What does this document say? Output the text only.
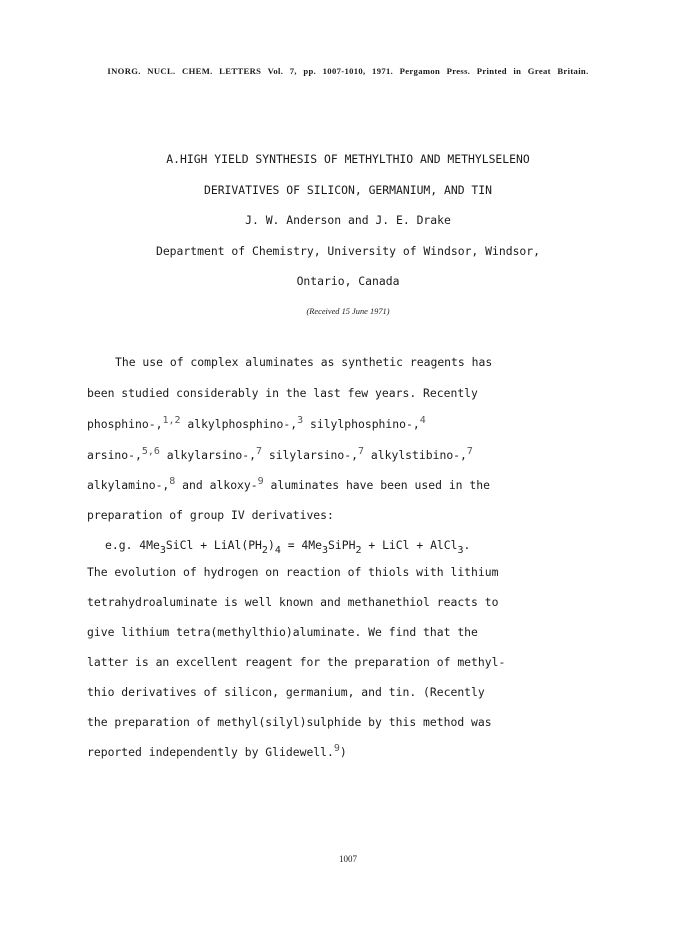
INORG. NUCL. CHEM. LETTERS Vol. 7, pp. 1007-1010, 1971. Pergamon Press. Printed in Great Britain.
A.HIGH YIELD SYNTHESIS OF METHYLTHIO AND METHYLSELENO
DERIVATIVES OF SILICON, GERMANIUM, AND TIN
J. W. Anderson and J. E. Drake
Department of Chemistry, University of Windsor, Windsor,
Ontario, Canada
(Received 15 June 1971)
The use of complex aluminates as synthetic reagents has
been studied considerably in the last few years. Recently
phosphino-,$^{1,2}$ alkylphosphino-,$^3$ silylphosphino-,$^4$
arsino-,$^{5,6}$ alkylarsino-,$^7$ silylarsino-,$^7$ alkylstibino-,$^7$
alkylamino-,$^8$ and alkoxy-$^9$ aluminates have been used in the
preparation of group IV derivatives:
e.g. $4Me_3SiCl$ + $LiAl(PH_2)_4$ = $4Me_3SiPH_2$ + LiCl + AlCl$_3$.
The evolution of hydrogen on reaction of thiols with lithium
tetrahydroaluminate is well known and methanethiol reacts to
give lithium tetra(methylthio)aluminate. We find that the
latter is an excellent reagent for the preparation of methyl-
thio derivatives of silicon, germanium, and tin. (Recently
the preparation of methyl(silyl)sulphide by this method was
reported independently by Glidewell.$^9$)
1007
